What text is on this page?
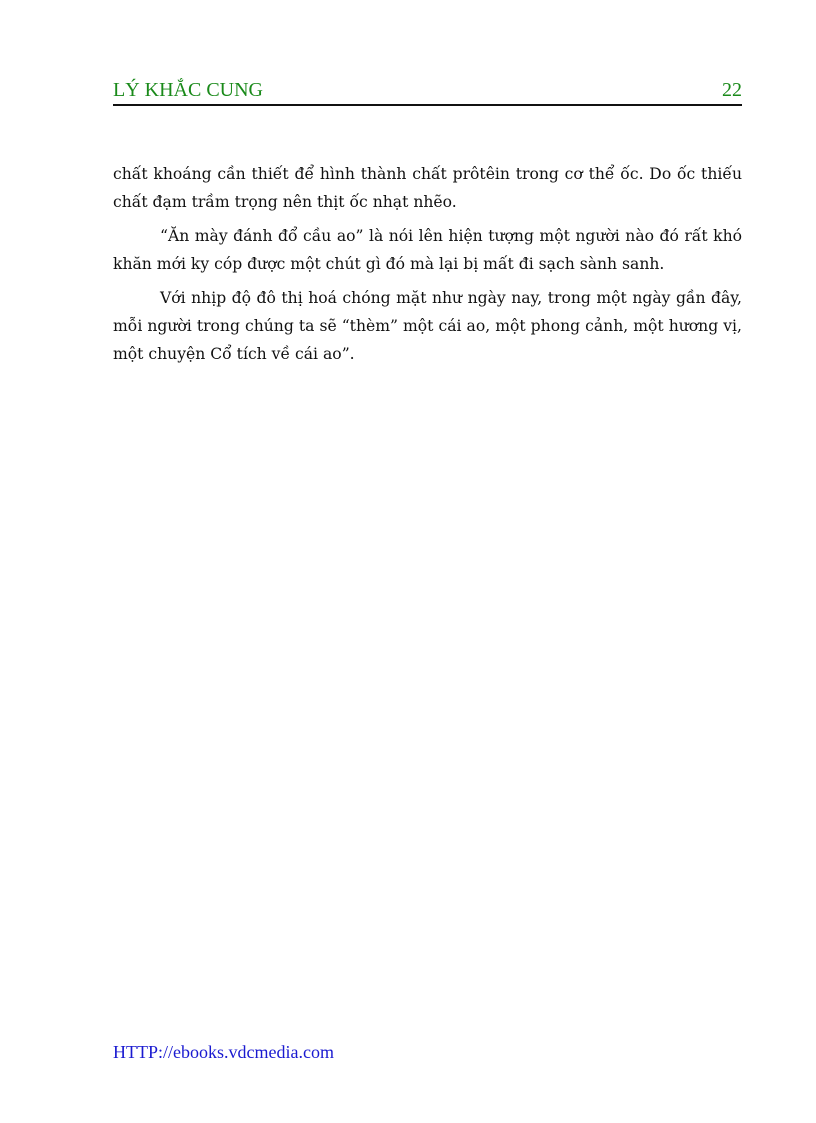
LÝ KHẮC CUNG	22

chất khoáng cần thiết để hình thành chất prôtêin trong cơ thể ốc. Do ốc thiếu chất đạm trầm trọng nên thịt ốc nhạt nhẽo.

“Ăn mày đánh đổ cầu ao” là nói lên hiện tượng một người nào đó rất khó khăn mới ky cóp được một chút gì đó mà lại bị mất đi sạch sành sanh.

Với nhịp độ đô thị hoá chóng mặt như ngày nay, trong một ngày gần đây, mỗi người trong chúng ta sẽ “thèm” một cái ao, một phong cảnh, một hương vị, một chuyện Cổ tích về cái ao”.

HTTP://ebooks.vdcmedia.com
